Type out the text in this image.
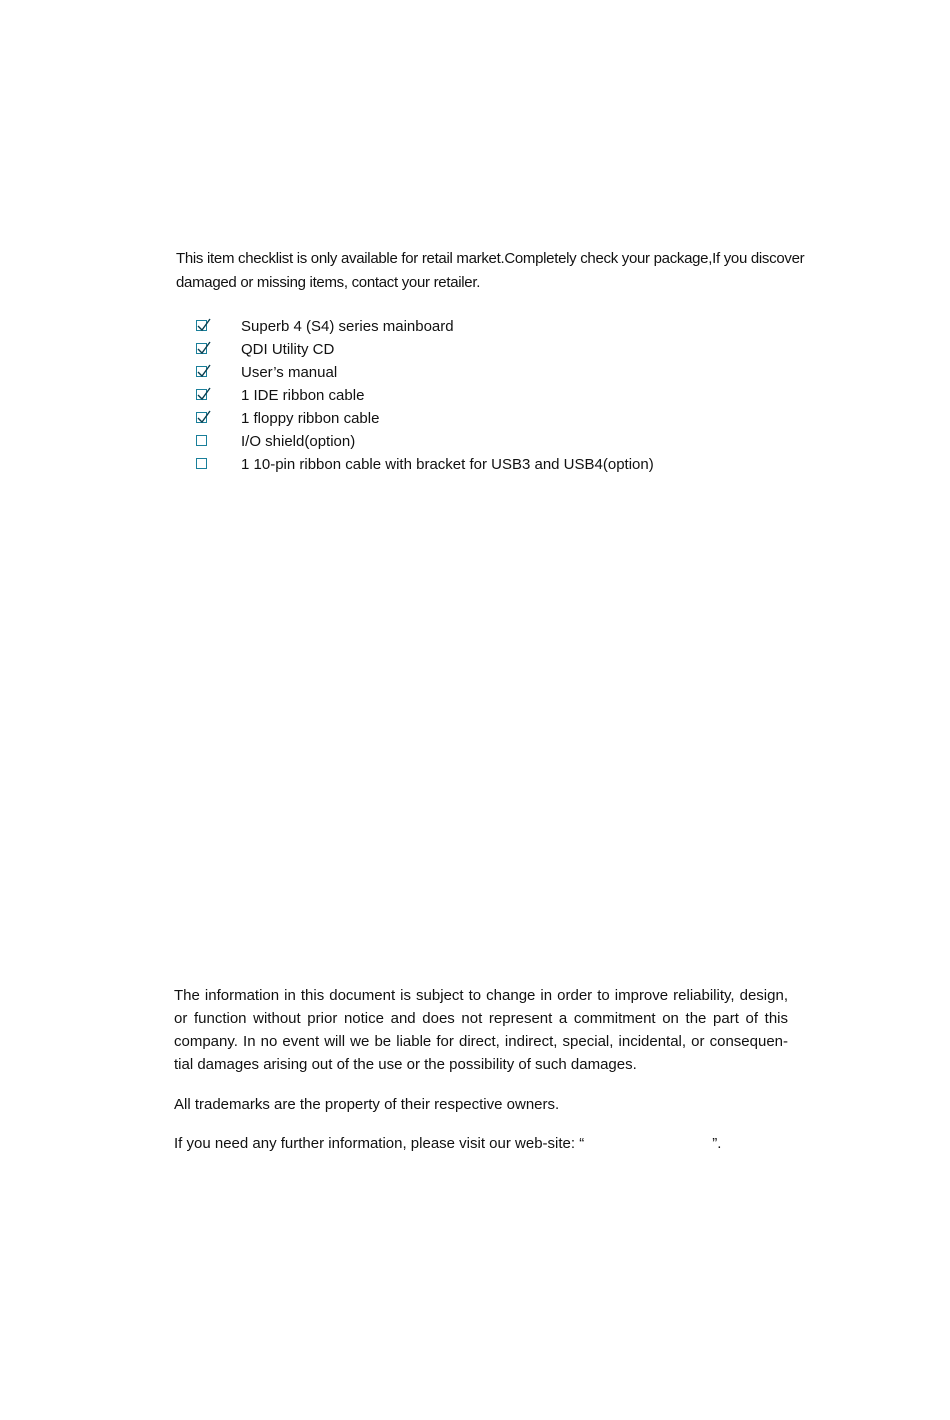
This item checklist is only available for retail market.Completely check your package,If you discover damaged or missing items, contact your retailer.

Superb 4 (S4) series mainboard
QDI Utility CD
User’s manual
1 IDE ribbon cable
1 floppy ribbon cable
I/O shield(option)
1 10-pin ribbon cable with bracket for USB3 and USB4(option)

The information in this document is subject to change in order to improve reliability, design, or function without prior notice and does not represent a commitment on the part of this company. In no event will we be liable for direct, indirect, special, incidental, or consequen-tial damages arising out of the use or the possibility of such damages.

All trademarks are the property of their respective owners.

If you need any further information, please visit our web-site: “	”.
